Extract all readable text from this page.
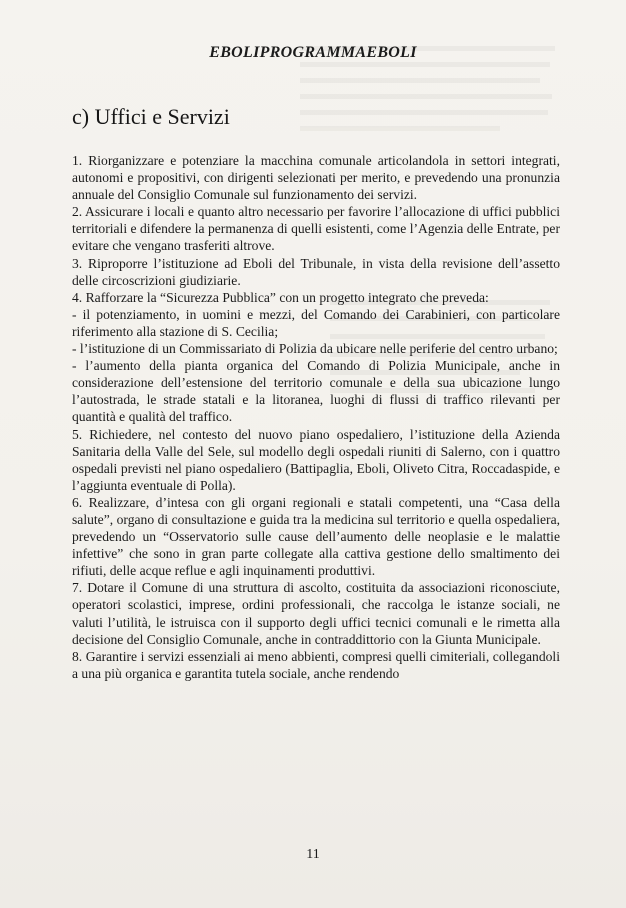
EBOLIPROGRAMMAEBOLI
c) Uffici e Servizi

1. Riorganizzare e potenziare la macchina comunale articolandola in settori integrati, autonomi e propositivi, con dirigenti selezionati per merito, e prevedendo una pronunzia annuale del Consiglio Comunale sul funzionamento dei servizi.

2. Assicurare i locali e quanto altro necessario per favorire l’allocazione di uffici pubblici territoriali e difendere la permanenza di quelli esistenti, come l’Agenzia delle Entrate, per evitare che vengano trasferiti altrove.

3. Riproporre l’istituzione ad Eboli del Tribunale, in vista della revisione dell’assetto delle circoscrizioni giudiziarie.

4. Rafforzare la “Sicurezza Pubblica” con un progetto integrato che preveda:

- il potenziamento, in uomini e mezzi, del Comando dei Carabinieri, con particolare riferimento alla stazione di S. Cecilia;

- l’istituzione di un Commissariato di Polizia da ubicare nelle periferie del centro urbano;

- l’aumento della pianta organica del Comando di Polizia Municipale, anche in considerazione dell’estensione del territorio comunale e della sua ubicazione lungo l’autostrada, le strade statali e la litoranea, luoghi di flussi di traffico rilevanti per quantità e qualità del traffico.

5. Richiedere, nel contesto del nuovo piano ospedaliero, l’istituzione della Azienda Sanitaria della Valle del Sele, sul modello degli ospedali riuniti di Salerno, con i quattro ospedali previsti nel piano ospedaliero (Battipaglia, Eboli, Oliveto Citra, Roccadaspide, e l’aggiunta eventuale di Polla).

6. Realizzare, d’intesa con gli organi regionali e statali competenti, una “Casa della salute”, organo di consultazione e guida tra la medicina sul territorio e quella ospedaliera, prevedendo un “Osservatorio sulle cause dell’aumento delle neoplasie e le malattie infettive” che sono in gran parte collegate alla cattiva gestione dello smaltimento dei rifiuti, delle acque reflue e agli inquinamenti produttivi.

7. Dotare il Comune di una struttura di ascolto, costituita da associazioni riconosciute, operatori scolastici, imprese, ordini professionali, che raccolga le istanze sociali, ne valuti l’utilità, le istruisca con il supporto degli uffici tecnici comunali e le rimetta alla decisione del Consiglio Comunale, anche in contraddittorio con la Giunta Municipale.

8. Garantire i servizi essenziali ai meno abbienti, compresi quelli cimiteriali, collegandoli a una più organica e garantita tutela sociale, anche rendendo

11
